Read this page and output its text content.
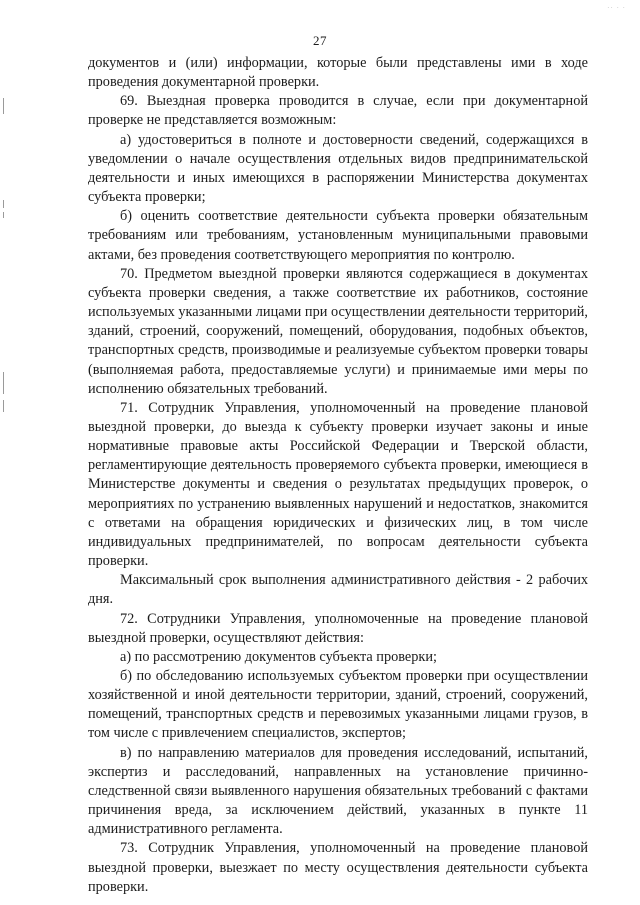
·· · ·
27

документов и (или) информации, которые были представлены ими в ходе проведения документарной проверки.

69. Выездная проверка проводится в случае, если при документарной проверке не представляется возможным:

а) удостовериться в полноте и достоверности сведений, содержащихся в уведомлении о начале осуществления отдельных видов предпринимательской деятельности и иных имеющихся в распоряжении Министерства документах субъекта проверки;

б) оценить соответствие деятельности субъекта проверки обязательным требованиям или требованиям, установленным муниципальными правовыми актами, без проведения соответствующего мероприятия по контролю.

70. Предметом выездной проверки являются содержащиеся в документах субъекта проверки сведения, а также соответствие их работников, состояние используемых указанными лицами при осуществлении деятельности территорий, зданий, строений, сооружений, помещений, оборудования, подобных объектов, транспортных средств, производимые и реализуемые субъектом проверки товары (выполняемая работа, предоставляемые услуги) и принимаемые ими меры по исполнению обязательных требований.

71. Сотрудник Управления, уполномоченный на проведение плановой выездной проверки, до выезда к субъекту проверки изучает законы и иные нормативные правовые акты Российской Федерации и Тверской области, регламентирующие деятельность проверяемого субъекта проверки, имеющиеся в Министерстве документы и сведения о результатах предыдущих проверок, о мероприятиях по устранению выявленных нарушений и недостатков, знакомится с ответами на обращения юридических и физических лиц, в том числе индивидуальных предпринимателей, по вопросам деятельности субъекта проверки.

Максимальный срок выполнения административного действия - 2 рабочих дня.

72. Сотрудники Управления, уполномоченные на проведение плановой выездной проверки, осуществляют действия:

а) по рассмотрению документов субъекта проверки;

б) по обследованию используемых субъектом проверки при осуществлении хозяйственной и иной деятельности территории, зданий, строений, сооружений, помещений, транспортных средств и перевозимых указанными лицами грузов, в том числе с привлечением специалистов, экспертов;

в) по направлению материалов для проведения исследований, испытаний, экспертиз и расследований, направленных на установление причинно-следственной связи выявленного нарушения обязательных требований с фактами причинения вреда, за исключением действий, указанных в пункте 11 административного регламента.

73. Сотрудник Управления, уполномоченный на проведение плановой выездной проверки, выезжает по месту осуществления деятельности субъекта проверки.
